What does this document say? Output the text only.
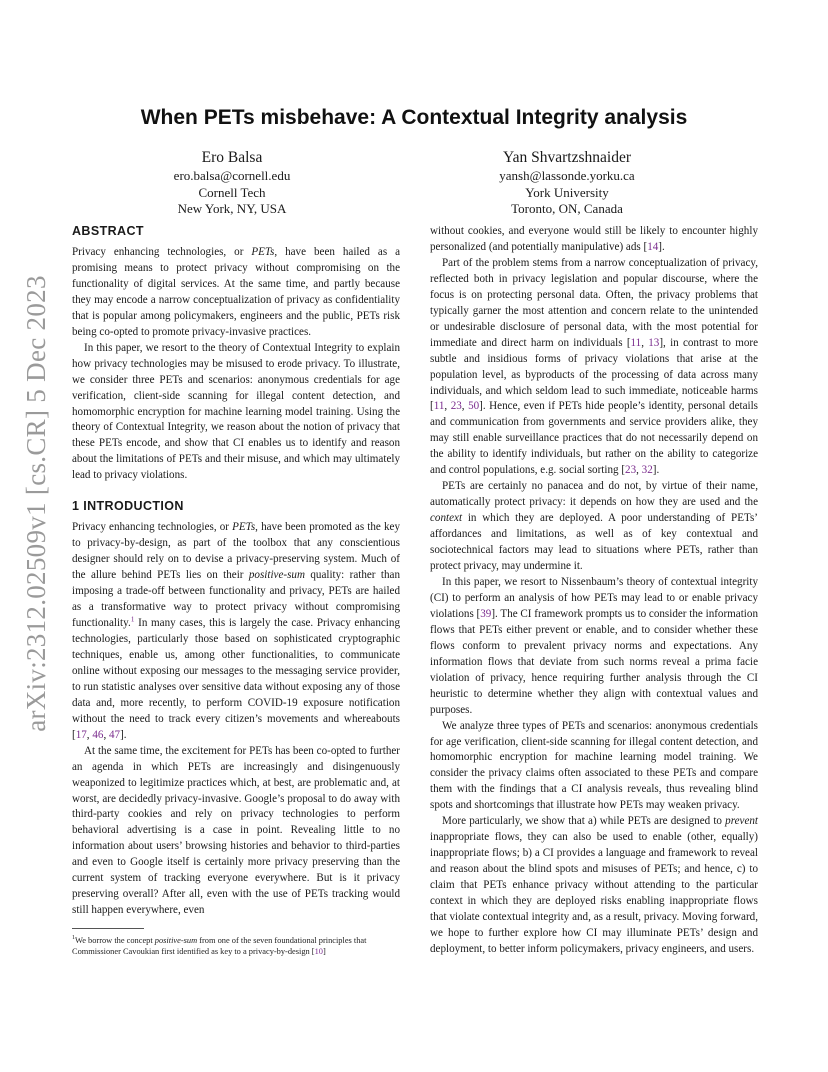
arXiv:2312.02509v1 [cs.CR] 5 Dec 2023
When PETs misbehave: A Contextual Integrity analysis
Ero Balsa
ero.balsa@cornell.edu
Cornell Tech
New York, NY, USA
Yan Shvartzshnaider
yansh@lassonde.yorku.ca
York University
Toronto, ON, Canada
ABSTRACT

Privacy enhancing technologies, or PETs, have been hailed as a promising means to protect privacy without compromising on the functionality of digital services. At the same time, and partly because they may encode a narrow conceptualization of privacy as confidentiality that is popular among policymakers, engineers and the public, PETs risk being co-opted to promote privacy-invasive practices.

In this paper, we resort to the theory of Contextual Integrity to explain how privacy technologies may be misused to erode privacy. To illustrate, we consider three PETs and scenarios: anonymous credentials for age verification, client-side scanning for illegal content detection, and homomorphic encryption for machine learning model training. Using the theory of Contextual Integrity, we reason about the notion of privacy that these PETs encode, and show that CI enables us to identify and reason about the limitations of PETs and their misuse, and which may ultimately lead to privacy violations.

1 INTRODUCTION

Privacy enhancing technologies, or PETs, have been promoted as the key to privacy-by-design, as part of the toolbox that any conscientious designer should rely on to devise a privacy-preserving system. Much of the allure behind PETs lies on their positive-sum quality: rather than imposing a trade-off between functionality and privacy, PETs are hailed as a transformative way to protect privacy without compromising functionality.$^1$ In many cases, this is largely the case. Privacy enhancing technologies, particularly those based on sophisticated cryptographic techniques, enable us, among other functionalities, to communicate online without exposing our messages to the messaging service provider, to run statistic analyses over sensitive data without exposing any of those data and, more recently, to perform COVID-19 exposure notification without the need to track every citizen’s movements and whereabouts [17, 46, 47].

At the same time, the excitement for PETs has been co-opted to further an agenda in which PETs are increasingly and disingenuously weaponized to legitimize practices which, at best, are problematic and, at worst, are decidedly privacy-invasive. Google’s proposal to do away with third-party cookies and rely on privacy technologies to perform behavioral advertising is a case in point. Revealing little to no information about users’ browsing histories and behavior to third-parties and even to Google itself is certainly more privacy preserving than the current system of tracking everyone everywhere. But is it privacy preserving overall? After all, even with the use of PETs tracking would still happen everywhere, even

$^1$We borrow the concept positive-sum from one of the seven foundational principles that Commissioner Cavoukian first identified as key to a privacy-by-design [10]

without cookies, and everyone would still be likely to encounter highly personalized (and potentially manipulative) ads [14].

Part of the problem stems from a narrow conceptualization of privacy, reflected both in privacy legislation and popular discourse, where the focus is on protecting personal data. Often, the privacy problems that typically garner the most attention and concern relate to the unintended or undesirable disclosure of personal data, with the most potential for immediate and direct harm on individuals [11, 13], in contrast to more subtle and insidious forms of privacy violations that arise at the population level, as byproducts of the processing of data across many individuals, and which seldom lead to such immediate, noticeable harms [11, 23, 50]. Hence, even if PETs hide people’s identity, personal details and communication from governments and service providers alike, they may still enable surveillance practices that do not necessarily depend on the ability to identify individuals, but rather on the ability to categorize and control populations, e.g. social sorting [23, 32].

PETs are certainly no panacea and do not, by virtue of their name, automatically protect privacy: it depends on how they are used and the context in which they are deployed. A poor understanding of PETs’ affordances and limitations, as well as of key contextual and sociotechnical factors may lead to situations where PETs, rather than protect privacy, may undermine it.

In this paper, we resort to Nissenbaum’s theory of contextual integrity (CI) to perform an analysis of how PETs may lead to or enable privacy violations [39]. The CI framework prompts us to consider the information flows that PETs either prevent or enable, and to consider whether these flows conform to prevalent privacy norms and expectations. Any information flows that deviate from such norms reveal a prima facie violation of privacy, hence requiring further analysis through the CI heuristic to determine whether they align with contextual values and purposes.

We analyze three types of PETs and scenarios: anonymous credentials for age verification, client-side scanning for illegal content detection, and homomorphic encryption for machine learning model training. We consider the privacy claims often associated to these PETs and compare them with the findings that a CI analysis reveals, thus revealing blind spots and shortcomings that illustrate how PETs may weaken privacy.

More particularly, we show that a) while PETs are designed to prevent inappropriate flows, they can also be used to enable (other, equally) inappropriate flows; b) a CI provides a language and framework to reveal and reason about the blind spots and misuses of PETs; and hence, c) to claim that PETs enhance privacy without attending to the particular context in which they are deployed risks enabling inappropriate flows that violate contextual integrity and, as a result, privacy. Moving forward, we hope to further explore how CI may illuminate PETs’ design and deployment, to better inform policymakers, privacy engineers, and users.
